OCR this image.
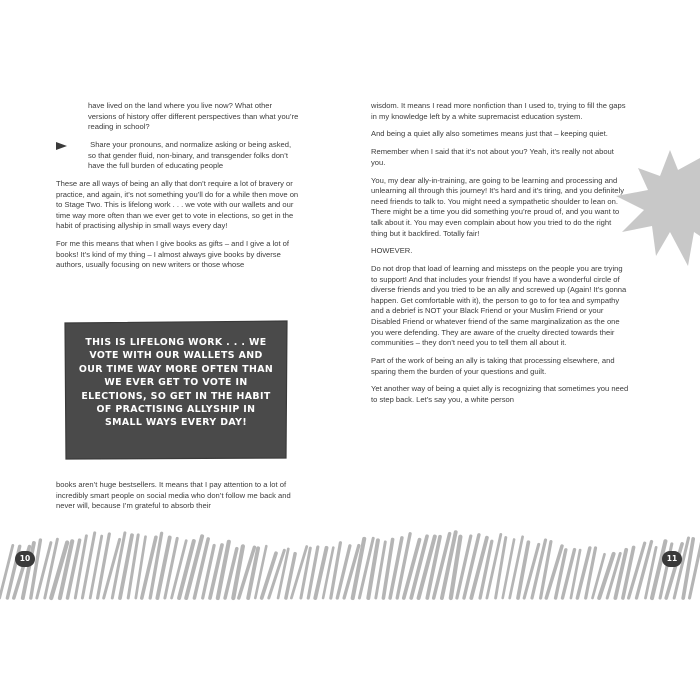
have lived on the land where you live now? What other versions of history offer different perspectives than what you’re reading in school?

Share your pronouns, and normalize asking or being asked, so that gender fluid, non-binary, and transgender folks don’t have the full burden of educating people

These are all ways of being an ally that don’t require a lot of bravery or practice, and again, it’s not something you’ll do for a while then move on to Stage Two. This is lifelong work . . . we vote with our wallets and our time way more often than we ever get to vote in elections, so get in the habit of practising allyship in small ways every day!

For me this means that when I give books as gifts – and I give a lot of books! It’s kind of my thing – I almost always give books by diverse authors, usually focusing on new writers or those whose

THIS IS LIFELONG WORK . . . WE VOTE WITH OUR WALLETS AND OUR TIME WAY MORE OFTEN THAN WE EVER GET TO VOTE IN ELECTIONS, SO GET IN THE HABIT OF PRACTISING ALLYSHIP IN SMALL WAYS EVERY DAY!

books aren’t huge bestsellers. It means that I pay attention to a lot of incredibly smart people on social media who don’t follow me back and never will, because I’m grateful to absorb their

wisdom. It means I read more nonfiction than I used to, trying to fill the gaps in my knowledge left by a white supremacist education system.

And being a quiet ally also sometimes means just that – keeping quiet.

Remember when I said that it’s not about you? Yeah, it’s really not about you.

You, my dear ally-in-training, are going to be learning and processing and unlearning all through this journey! It’s hard and it’s tiring, and you definitely need friends to talk to. You might need a sympathetic shoulder to lean on. There might be a time you did something you’re proud of, and you want to talk about it. You may even complain about how you tried to do the right thing but it backfired. Totally fair!

HOWEVER.

Do not drop that load of learning and missteps on the people you are trying to support! And that includes your friends! If you have a wonderful circle of diverse friends and you tried to be an ally and screwed up (Again! It’s gonna happen. Get comfortable with it), the person to go to for tea and sympathy and a debrief is NOT your Black Friend or your Muslim Friend or your Disabled Friend or whatever friend of the same marginalization as the one you were defending. They are aware of the cruelty directed towards their communities – they don’t need you to tell them all about it.

Part of the work of being an ally is taking that processing elsewhere, and sparing them the burden of your questions and guilt.

Yet another way of being a quiet ally is recognizing that sometimes you need to step back. Let’s say you, a white person

10	11
